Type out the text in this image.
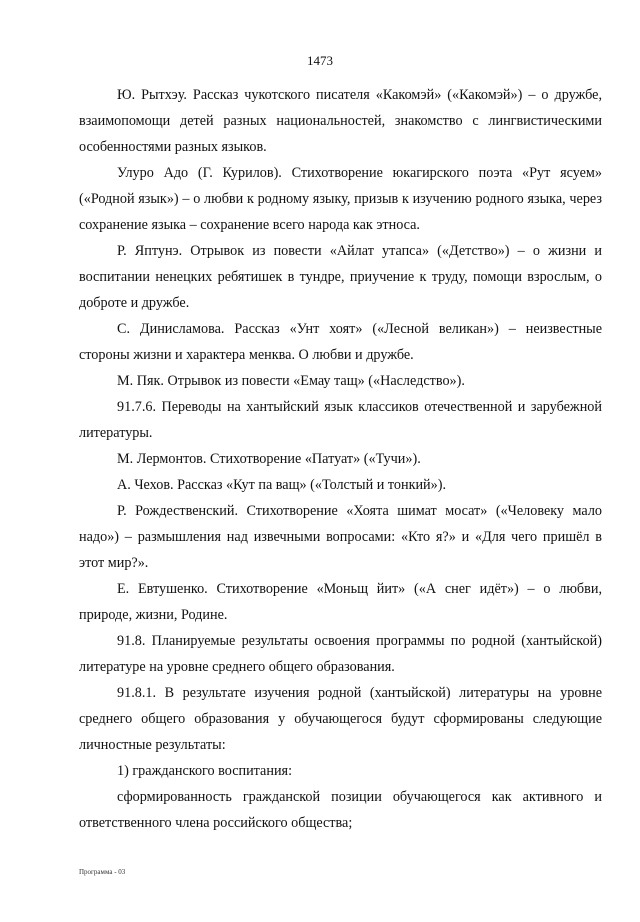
1473

Ю. Рытхэу. Рассказ чукотского писателя «Какомэй» («Какомэй») – о дружбе, взаимопомощи детей разных национальностей, знакомство с лингвистическими особенностями разных языков.

Улуро Адо (Г. Курилов). Стихотворение юкагирского поэта «Рут ясуем» («Родной язык») – о любви к родному языку, призыв к изучению родного языка, через сохранение языка – сохранение всего народа как этноса.

Р. Яптунэ. Отрывок из повести «Айлат утапса» («Детство») – о жизни и воспитании ненецких ребятишек в тундре, приучение к труду, помощи взрослым, о доброте и дружбе.

С. Динисламова. Рассказ «Унт хоят» («Лесной великан») – неизвестные стороны жизни и характера менква. О любви и дружбе.

М. Пяк. Отрывок из повести «Емау тащ» («Наследство»).

91.7.6. Переводы на хантыйский язык классиков отечественной и зарубежной литературы.

М. Лермонтов. Стихотворение «Патуат» («Тучи»).

А. Чехов. Рассказ «Кут па ващ» («Толстый и тонкий»).

Р. Рождественский. Стихотворение «Хоята шимат мосат» («Человеку мало надо») – размышления над извечными вопросами: «Кто я?» и «Для чего пришёл в этот мир?».

Е. Евтушенко. Стихотворение «Моньщ йит» («А снег идёт») – о любви, природе, жизни, Родине.

91.8. Планируемые результаты освоения программы по родной (хантыйской) литературе на уровне среднего общего образования.

91.8.1. В результате изучения родной (хантыйской) литературы на уровне среднего общего образования у обучающегося будут сформированы следующие личностные результаты:

1) гражданского воспитания:

сформированность гражданской позиции обучающегося как активного и ответственного члена российского общества;

Программа - 03
